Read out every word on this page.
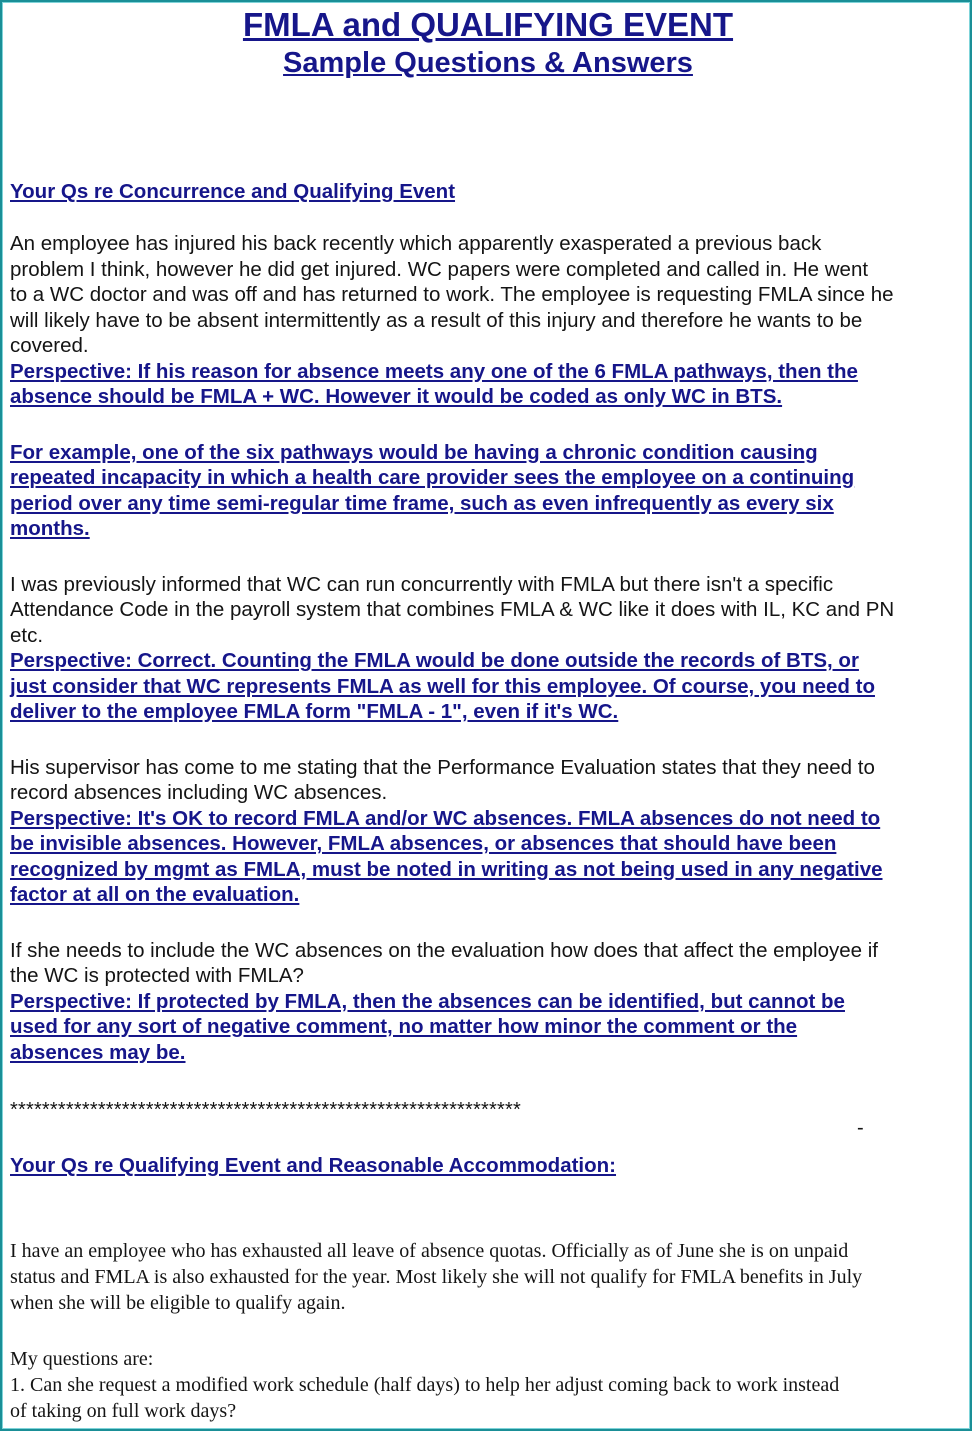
FMLA and QUALIFYING EVENT
Sample Questions & Answers

Your Qs re Concurrence and Qualifying Event

An employee has injured his back recently which apparently exasperated a previous back
problem I think, however he did get injured. WC papers were completed and called in. He went
to a WC doctor and was off and has returned to work. The employee is requesting FMLA since he
will likely have to be absent intermittently as a result of this injury and therefore he wants to be
covered.

Perspective: If his reason for absence meets any one of the 6 FMLA pathways, then the
absence should be FMLA + WC. However it would be coded as only WC in BTS.

For example, one of the six pathways would be having a chronic condition causing
repeated incapacity in which a health care provider sees the employee on a continuing
period over any time semi-regular time frame, such as even infrequently as every six
months.

I was previously informed that WC can run concurrently with FMLA but there isn't a specific
Attendance Code in the payroll system that combines FMLA & WC like it does with IL, KC and PN
etc.

Perspective: Correct. Counting the FMLA would be done outside the records of BTS, or
just consider that WC represents FMLA as well for this employee. Of course, you need to
deliver to the employee FMLA form "FMLA - 1", even if it's WC.

His supervisor has come to me stating that the Performance Evaluation states that they need to
record absences including WC absences.

Perspective: It's OK to record FMLA and/or WC absences. FMLA absences do not need to
be invisible absences. However, FMLA absences, or absences that should have been
recognized by mgmt as FMLA, must be noted in writing as not being used in any negative
factor at all on the evaluation.

If she needs to include the WC absences on the evaluation how does that affect the employee if
the WC is protected with FMLA?

Perspective: If protected by FMLA, then the absences can be identified, but cannot be
used for any sort of negative comment, no matter how minor the comment or the
absences may be.

****************************************************************

-

Your Qs re Qualifying Event and Reasonable Accommodation:

I have an employee who has exhausted all leave of absence quotas. Officially as of June she is on unpaid
status and FMLA is also exhausted for the year. Most likely she will not qualify for FMLA benefits in July
when she will be eligible to qualify again.

My questions are:

1. Can she request a modified work schedule (half days) to help her adjust coming back to work instead
of taking on full work days?
